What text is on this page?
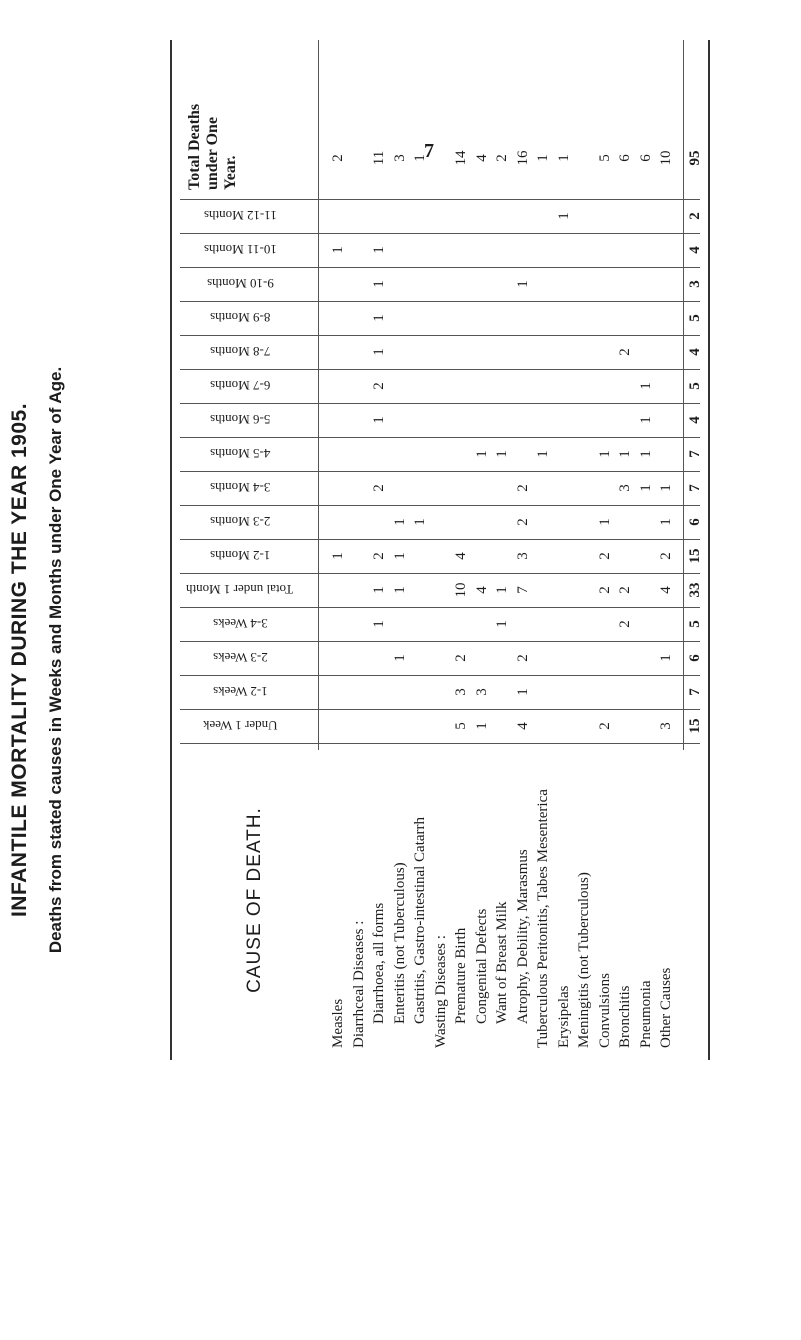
7
INFANTILE MORTALITY DURING THE YEAR 1905. Deaths from stated causes in Weeks and Months under One Year of Age.	CAUSE OF DEATH.
Under 1 Week
1-2 Weeks
2-3 Weeks
3-4 Weeks
Total under 1 Month
1-2 Months
2-3 Months
3-4 Months
4-5 Months
5-6 Months
6-7 Months
7-8 Months
8-9 Months
9-10 Months
10-11 Months
11-12 Months
Total Deaths under One Year.
Measles
1
1
2
Diarrhceal Diseases : Diarrhoea, all forms
1
1
2
2
1
2
1
1
1
1
11
Enteritis (not Tuberculous)
1
1
1
1
3
Gastritis, Gastro-intestinal Catarrh
1
1
Wasting Diseases : Premature Birth
5
3
2
10
4
14
Congenital Defects
1
3
4
1
4
Want of Breast Milk
1
1
1
2
Atrophy, Debility, Marasmus
4
1
2
7
3
2
2
1
16
Tuberculous Peritonitis, Tabes Mesenterica
1
1
Erysipelas
1
1
Meningitis (not Tuberculous) Convulsions
2
2
2
1
1
5
Bronchitis
2
2
3
1
2
6
Pneumonia
1
1
1
1
6
Other Causes
3
1
4
2
1
1
10
15
7
6
5
33
15
6
7
7
4
5
4
5
3
4
2
95
